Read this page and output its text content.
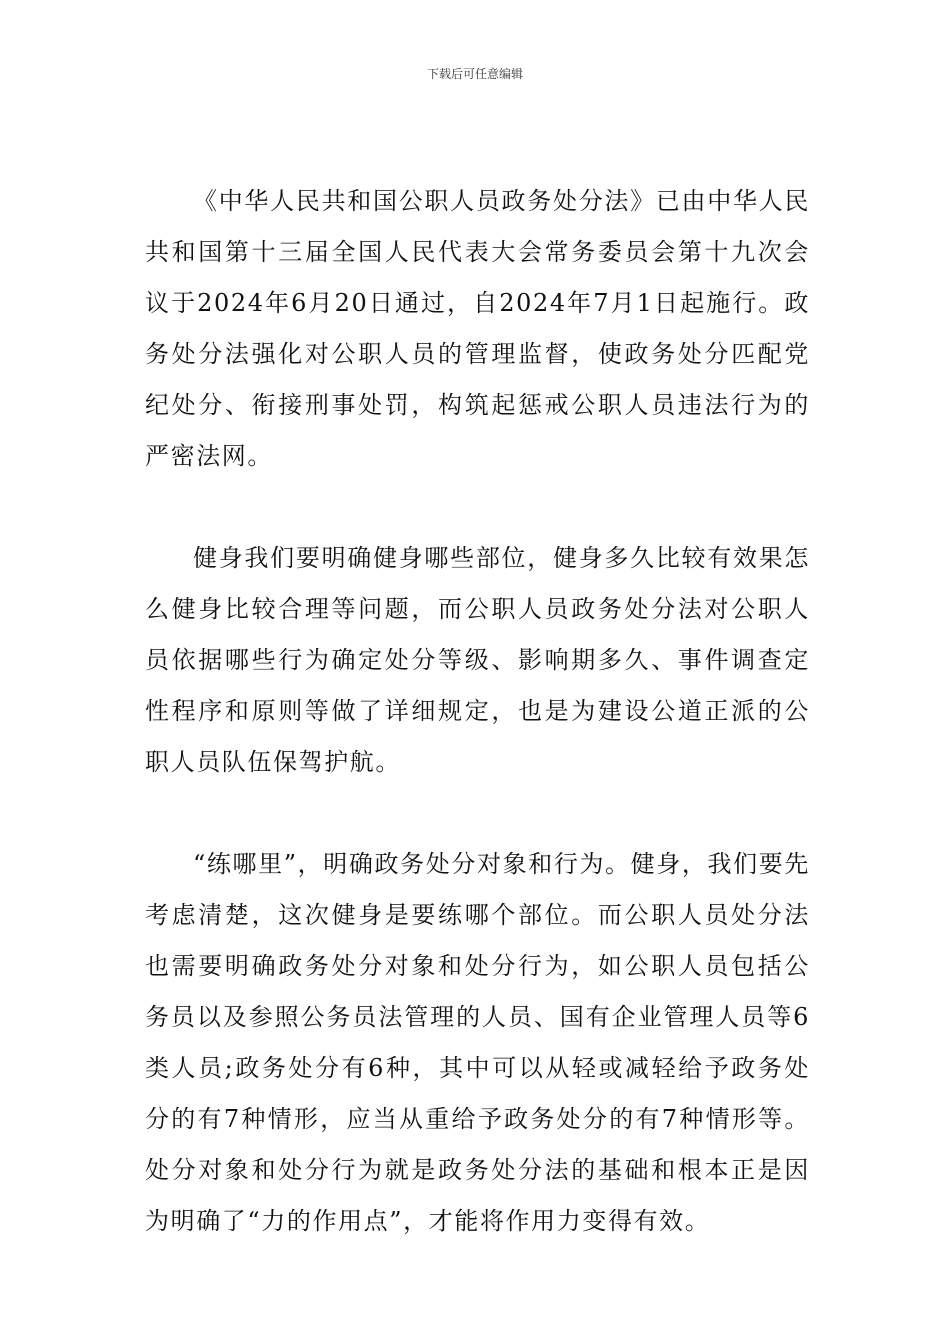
下载后可任意编辑

《中华人民共和国公职人员政务处分法》已由中华人民共和国第十三届全国人民代表大会常务委员会第十九次会议于2024年6月20日通过，自2024年7月1日起施行。政务处分法强化对公职人员的管理监督，使政务处分匹配党纪处分、衔接刑事处罚，构筑起惩戒公职人员违法行为的严密法网。

健身我们要明确健身哪些部位，健身多久比较有效果怎么健身比较合理等问题，而公职人员政务处分法对公职人员依据哪些行为确定处分等级、影响期多久、事件调查定性程序和原则等做了详细规定，也是为建设公道正派的公职人员队伍保驾护航。

“练哪里”，明确政务处分对象和行为。健身，我们要先考虑清楚，这次健身是要练哪个部位。而公职人员处分法也需要明确政务处分对象和处分行为，如公职人员包括公务员以及参照公务员法管理的人员、国有企业管理人员等6类人员;政务处分有6种，其中可以从轻或减轻给予政务处分的有7种情形，应当从重给予政务处分的有7种情形等。处分对象和处分行为就是政务处分法的基础和根本正是因为明确了“力的作用点”，才能将作用力变得有效。
